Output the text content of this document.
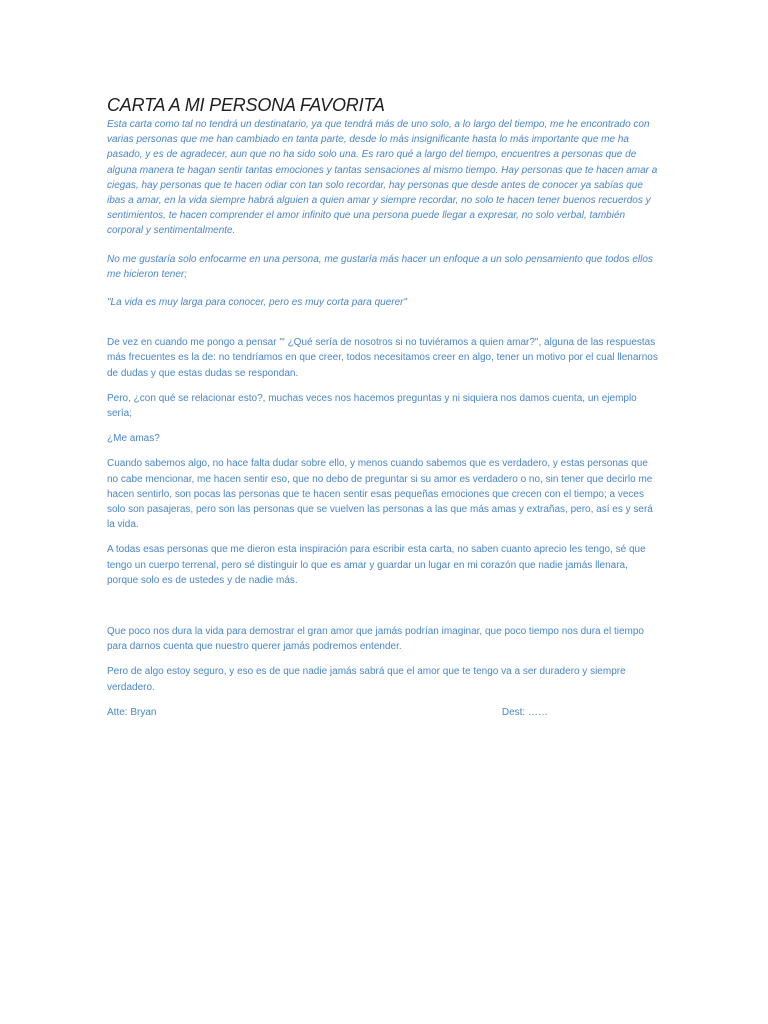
CARTA A MI PERSONA FAVORITA

Esta carta como tal no tendrá un destinatario, ya que tendrá más de uno solo, a lo largo del tiempo, me he encontrado con varias personas que me han cambiado en tanta parte, desde lo más insignificante hasta lo más importante que me ha pasado, y es de agradecer, aun que no ha sido solo una. Es raro qué a largo del tiempo, encuentres a personas que de alguna manera te hagan sentir tantas emociones y tantas sensaciones al mismo tiempo. Hay personas que te hacen amar a ciegas, hay personas que te hacen odiar con tan solo recordar, hay personas que desde antes de conocer ya sabías que ibas a amar, en la vida siempre habrá alguien a quien amar y siempre recordar, no solo te hacen tener buenos recuerdos y sentimientos, te hacen comprender el amor infinito que una persona puede llegar a expresar, no solo verbal, también corporal y sentimentalmente.

No me gustaría solo enfocarme en una persona, me gustaría más hacer un enfoque a un solo pensamiento que todos ellos me hicieron tener;

"La vida es muy larga para conocer, pero es muy corta para querer"

De vez en cuando me pongo a pensar "' ¿Qué sería de nosotros si no tuviéramos a quien amar?", alguna de las respuestas más frecuentes es la de: no tendríamos en que creer, todos necesitamos creer en algo, tener un motivo por el cual llenarnos de dudas y que estas dudas se respondan.

Pero, ¿con qué se relacionar esto?, muchas veces nos hacemos preguntas y ni siquiera nos damos cuenta, un ejemplo sería;

¿Me amas?

Cuando sabemos algo, no hace falta dudar sobre ello, y menos cuando sabemos que es verdadero, y estas personas que no cabe mencionar, me hacen sentir eso, que no debo de preguntar si su amor es verdadero o no, sin tener que decirlo me hacen sentirlo, son pocas las personas que te hacen sentir esas pequeñas emociones que crecen con el tiempo; a veces solo son pasajeras, pero son las personas que se vuelven las personas a las que más amas y extrañas, pero, así es y será la vida.

A todas esas personas que me dieron esta inspiración para escribir esta carta, no saben cuanto aprecio les tengo, sé que tengo un cuerpo terrenal, pero sé distinguir lo que es amar y guardar un lugar en mi corazón que nadie jamás llenara, porque solo es de ustedes y de nadie más.

Que poco nos dura la vida para demostrar el gran amor que jamás podrían imaginar, que poco tiempo nos dura el tiempo para darnos cuenta que nuestro querer jamás podremos entender.

Pero de algo estoy seguro, y eso es de que nadie jamás sabrá que el amor que te tengo va a ser duradero y siempre verdadero.

Atte: Bryan	Dest: ……
